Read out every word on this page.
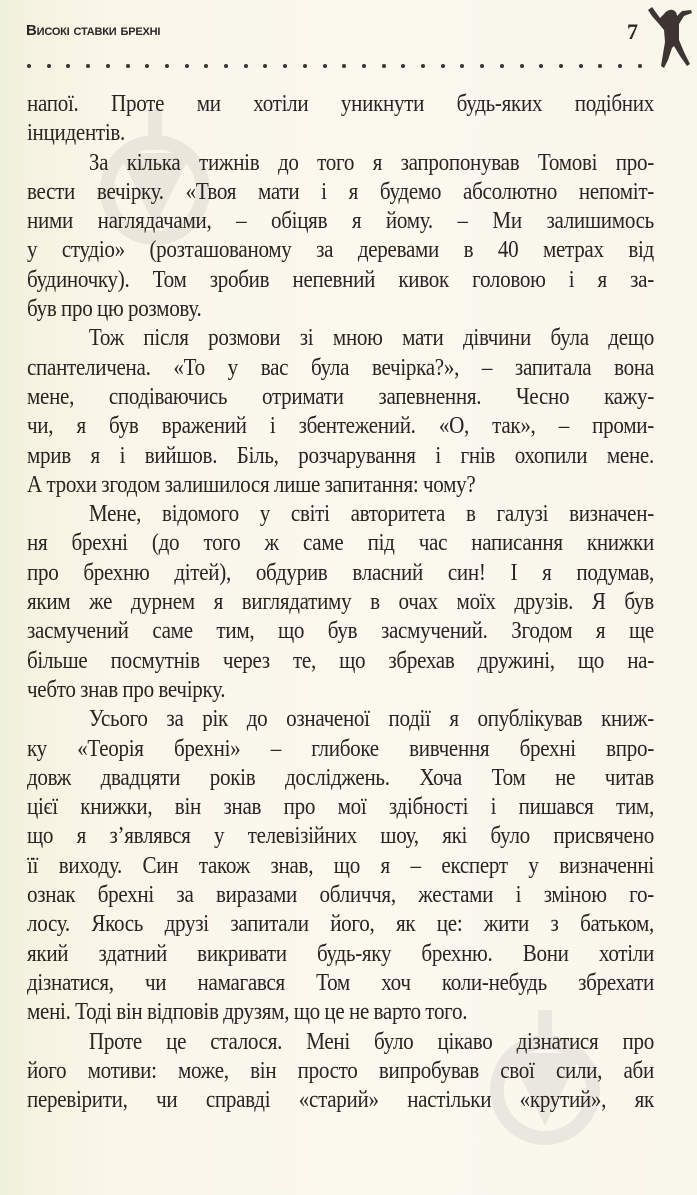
Високі ставки брехні	7

напої. Проте ми хотіли уникнути будь-яких подібних
інцидентів.

За кілька тижнів до того я запропонував Томові про-
вести вечірку. «Твоя мати і я будемо абсолютно непоміт-
ними наглядачами, – обіцяв я йому. – Ми залишимось
у студіо» (розташованому за деревами в 40 метрах від
будиночку). Том зробив непевний кивок головою і я за-
був про цю розмову.

Тож після розмови зі мною мати дівчини була дещо
спантеличена. «То у вас була вечірка?», – запитала вона
мене, сподіваючись отримати запевнення. Чесно кажу-
чи, я був вражений і збентежений. «О, так», – проми-
мрив я і вийшов. Біль, розчарування і гнів охопили мене.
А трохи згодом залишилося лише запитання: чому?

Мене, відомого у світі авторитета в галузі визначен-
ня брехні (до того ж саме під час написання книжки
про брехню дітей), обдурив власний син! І я подумав,
яким же дурнем я виглядатиму в очах моїх друзів. Я був
засмучений саме тим, що був засмучений. Згодом я ще
більше посмутнів через те, що збрехав дружині, що на-
чебто знав про вечірку.

Усього за рік до означеної події я опублікував книж-
ку «Теорія брехні» – глибоке вивчення брехні впро-
довж двадцяти років досліджень. Хоча Том не читав
цієї книжки, він знав про мої здібності і пишався тим,
що я з’являвся у телевізійних шоу, які було присвячено
її виходу. Син також знав, що я – експерт у визначенні
ознак брехні за виразами обличчя, жестами і зміною го-
лосу. Якось друзі запитали його, як це: жити з батьком,
який здатний викривати будь-яку брехню. Вони хотіли
дізнатися, чи намагався Том хоч коли-небудь збрехати
мені. Тоді він відповів друзям, що це не варто того.

Проте це сталося. Мені було цікаво дізнатися про
його мотиви: може, він просто випробував свої сили, аби
перевірити, чи справді «старий» настільки «крутий», як
